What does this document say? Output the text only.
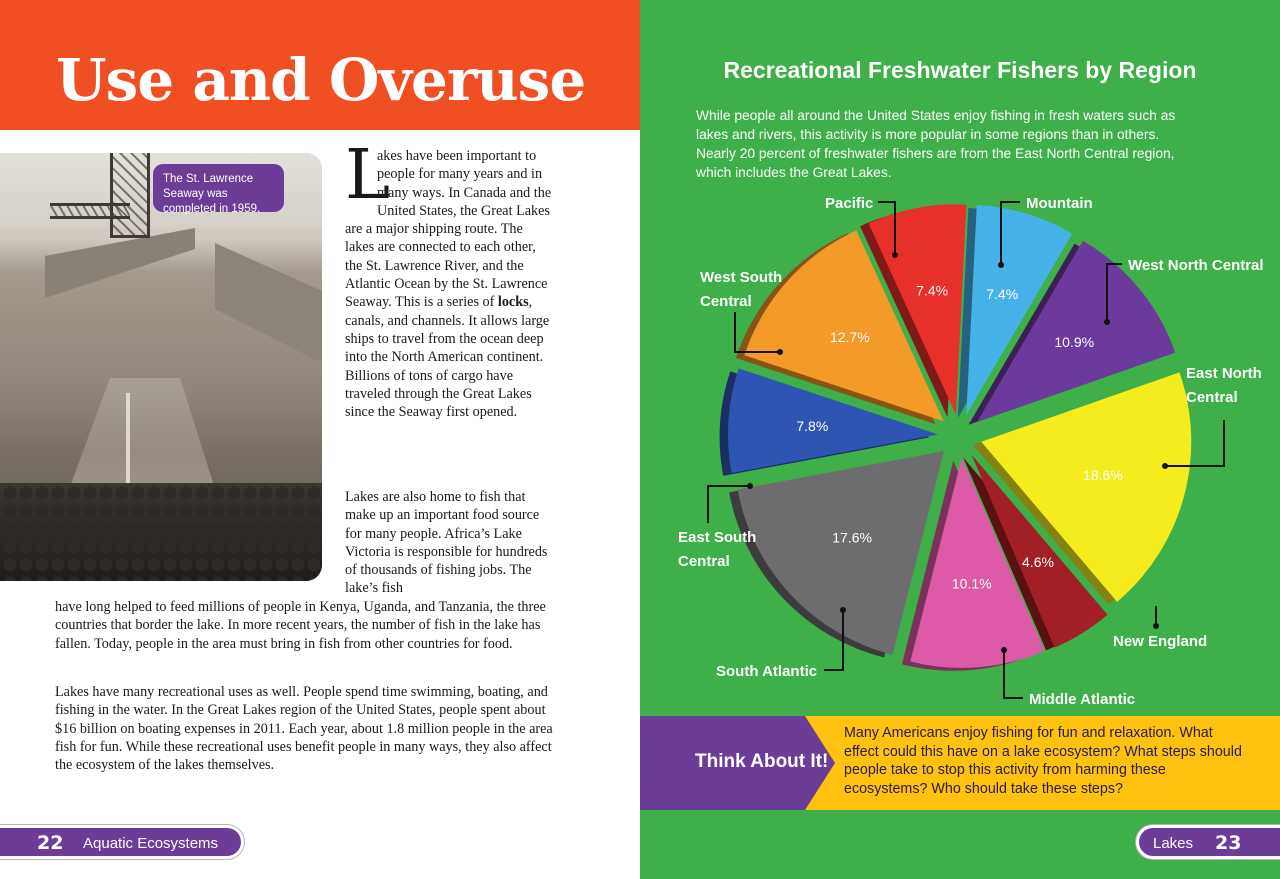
Use and Overuse
The St. Lawrence Seaway was completed in 1959.	L
akes have been important to people for many years and in many ways. In Canada and the United States, the Great Lakes are a major shipping route. The lakes are connected to each other, the St. Lawrence River, and the Atlantic Ocean by the St. Lawrence Seaway. This is a series of locks, canals, and channels. It allows large ships to travel from the ocean deep into the North American continent. Billions of tons of cargo have traveled through the Great Lakes since the Seaway first opened.
Lakes are also home to fish that make up an important food source for many people. Africa’s Lake Victoria is responsible for hundreds of thousands of fishing jobs. The lake’s fish
have long helped to feed millions of people in Kenya, Uganda, and Tanzania, the three countries that border the lake. In more recent years, the number of fish in the lake has fallen. Today, people in the area must bring in fish from other countries for food.
Lakes have many recreational uses as well. People spend time swimming, boating, and fishing in the water. In the Great Lakes region of the United States, people spent about $16 billion on boating expenses in 2011. Each year, about 1.8 million people in the area fish for fun. While these recreational uses benefit people in many ways, they also affect the ecosystem of the lakes themselves.
22 Aquatic Ecosystems
Recreational Freshwater Fishers by Region
While people all around the United States enjoy fishing in fresh waters such as lakes and rivers, this activity is more popular in some regions than in others. Nearly 20 percent of freshwater fishers are from the East North Central region, which includes the Great Lakes.
7.4%
10.9%
18.6%
4.6%
10.1%
17.6%
7.8%
12.7%
7.4%
Mountain
West North Central
East North Central
New England
Middle Atlantic
South Atlantic
East South Central
West South Central
Pacific
Think About It!
Many Americans enjoy fishing for fun and relaxation. What effect could this have on a lake ecosystem? What steps should people take to stop this activity from harming these ecosystems? Who should take these steps?
Lakes 23
